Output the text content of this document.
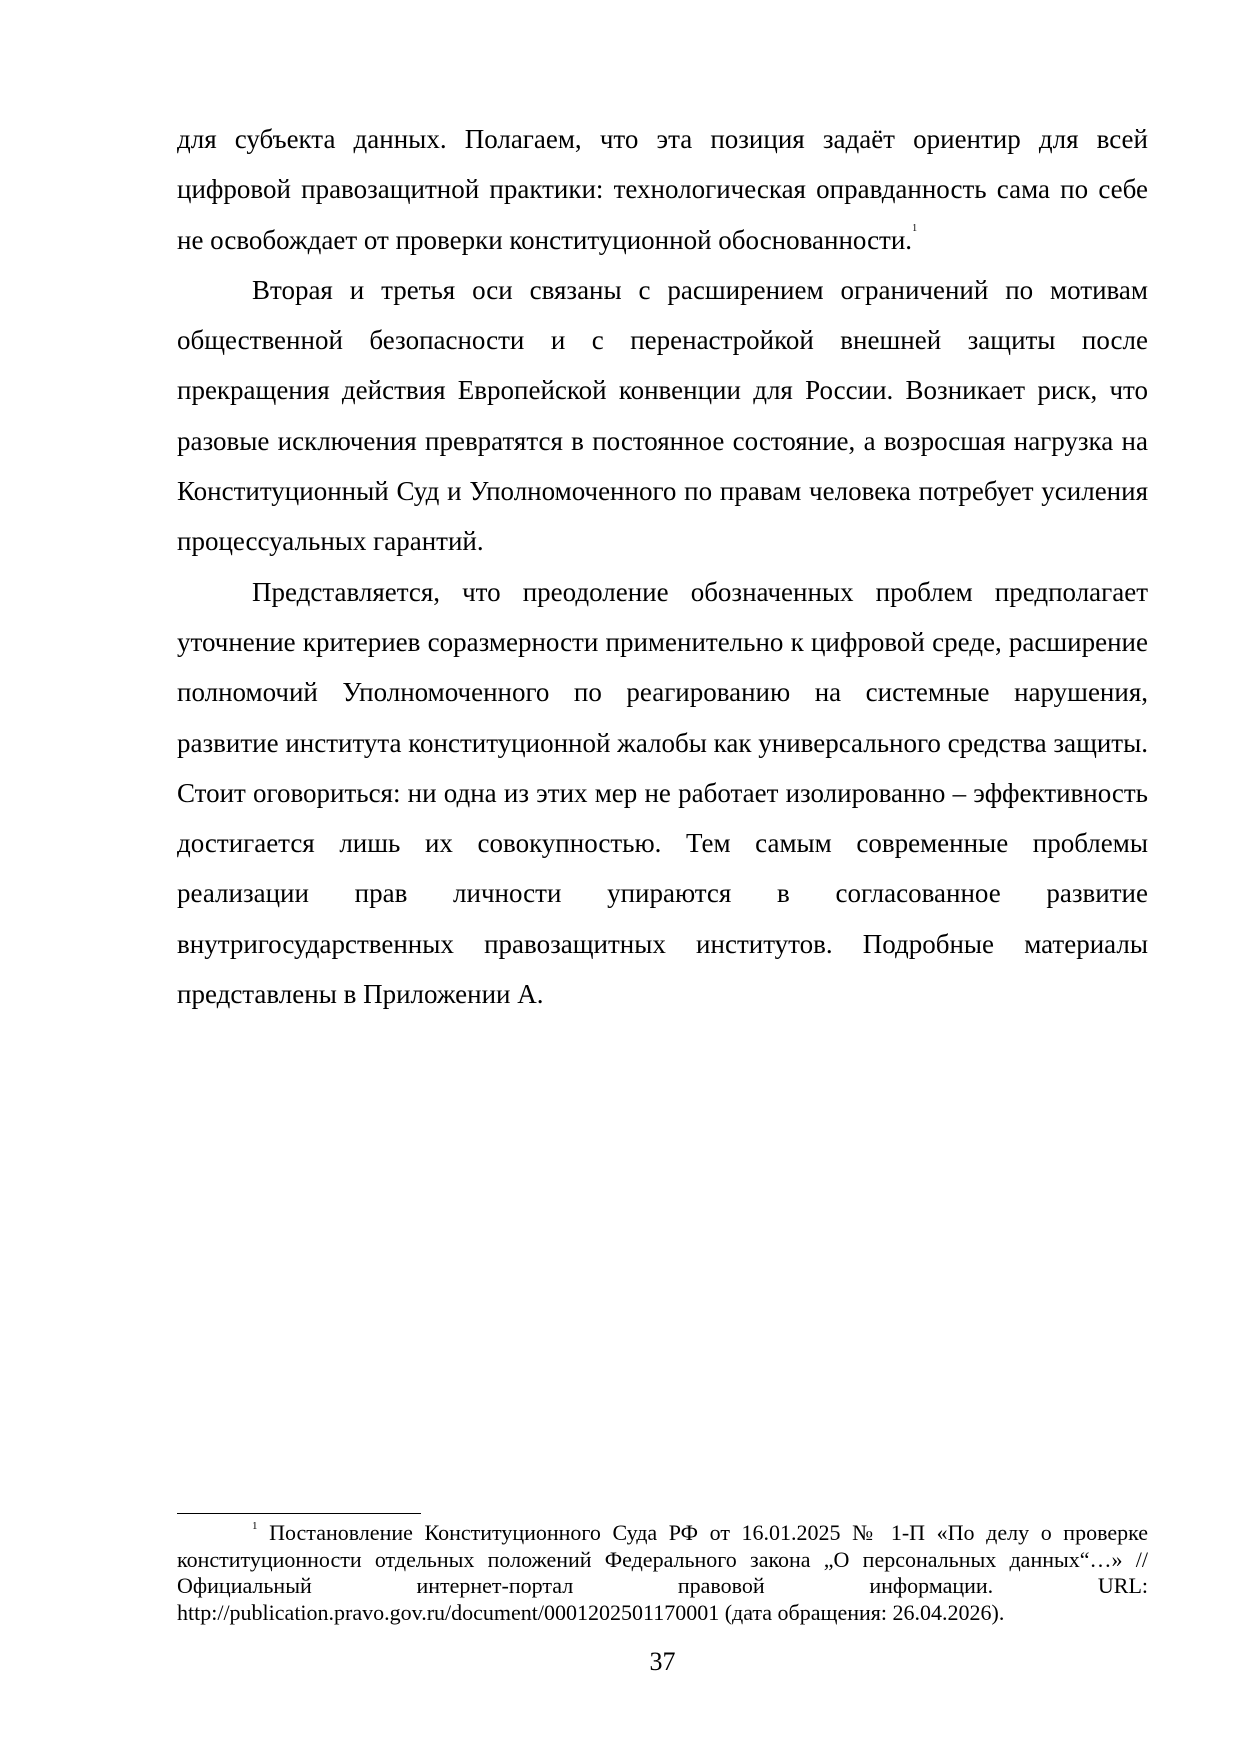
для субъекта данных. Полагаем, что эта позиция задаёт ориентир для всей цифровой правозащитной практики: технологическая оправданность сама по себе не освобождает от проверки конституционной обоснованности.$^1$

Вторая и третья оси связаны с расширением ограничений по мотивам общественной безопасности и с перенастройкой внешней защиты после прекращения действия Европейской конвенции для России. Возникает риск, что разовые исключения превратятся в постоянное состояние, а возросшая нагрузка на Конституционный Суд и Уполномоченного по правам человека потребует усиления процессуальных гарантий.

Представляется, что преодоление обозначенных проблем предполагает уточнение критериев соразмерности применительно к цифровой среде, расширение полномочий Уполномоченного по реагированию на системные нарушения, развитие института конституционной жалобы как универсального средства защиты. Стоит оговориться: ни одна из этих мер не работает изолированно – эффективность достигается лишь их совокупностью. Тем самым современные проблемы реализации прав личности упираются в согласованное развитие внутригосударственных правозащитных институтов. Подробные материалы представлены в Приложении А.

$^1$ Постановление Конституционного Суда РФ от 16.01.2025 № 1-П «По делу о проверке конституционности отдельных положений Федерального закона „О персональных данных“…» // Официальный интернет-портал правовой информации. URL: http://publication.pravo.gov.ru/document/0001202501170001 (дата обращения: 26.04.2026).

37
